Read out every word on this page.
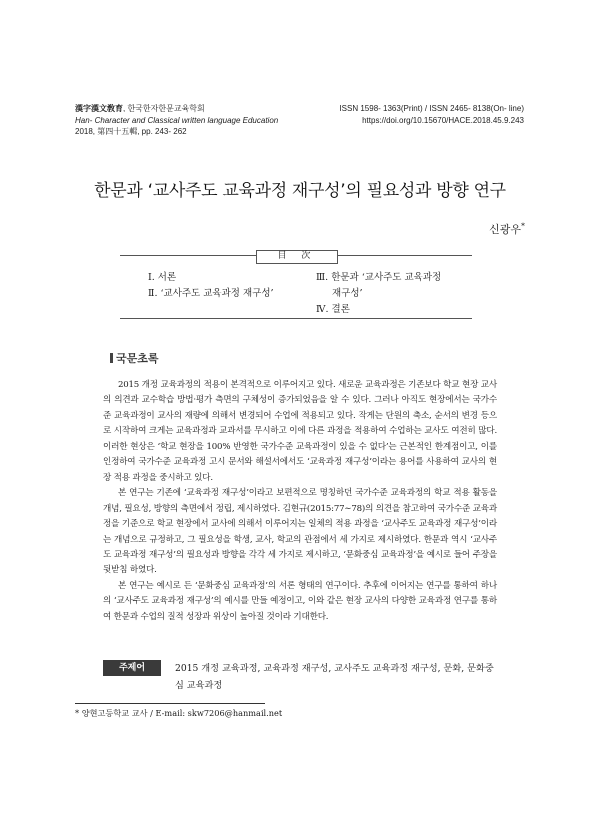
漢字漢文敎育, 한국한자한문교육학회
Han- Character and Classical written language Education
2018, 第四十五輯, pp. 243- 262
ISSN 1598- 1363(Print) / ISSN 2465- 8138(On- line)
https://doi.org/10.15670/HACE.2018.45.9.243
한문과 ‘교사주도 교육과정 재구성’의 필요성과 방향 연구
신광우*
目 次
Ⅰ. 서론
Ⅱ. ‘교사주도 교육과정 재구성’
Ⅲ. 한문과 ‘교사주도 교육과정
재구성’
Ⅳ. 결론
국문초록

2015 개정 교육과정의 적용이 본격적으로 이루어지고 있다. 새로운 교육과정은 기존보다 학교 현장 교사의 의견과 교수학습 방법·평가 측면의 구체성이 증가되었음을 알 수 있다. 그러나 아직도 현장에서는 국가수준 교육과정이 교사의 재량에 의해서 변경되어 수업에 적용되고 있다. 작게는 단원의 축소, 순서의 변경 등으로 시작하여 크게는 교육과정과 교과서를 무시하고 이에 다른 과정을 적용하여 수업하는 교사도 여전히 많다. 이러한 현상은 ‘학교 현장을 100% 반영한 국가수준 교육과정이 있을 수 없다’는 근본적인 한계점이고, 이를 인정하여 국가수준 교육과정 고시 문서와 해설서에서도 ‘교육과정 재구성’이라는 용어를 사용하여 교사의 현장 적용 과정을 중시하고 있다.

본 연구는 기존에 ‘교육과정 재구성’이라고 보편적으로 명칭하던 국가수준 교육과정의 학교 적용 활동을 개념, 필요성, 방향의 측면에서 정립, 제시하였다. 김현규(2015:77∼78)의 의견을 참고하여 국가수준 교육과정을 기준으로 학교 현장에서 교사에 의해서 이루어지는 일체의 적용 과정을 ‘교사주도 교육과정 재구성’이라는 개념으로 규정하고, 그 필요성을 학생, 교사, 학교의 관점에서 세 가지로 제시하였다. 한문과 역시 ‘교사주도 교육과정 재구성’의 필요성과 방향을 각각 세 가지로 제시하고, ‘문화중심 교육과정’을 예시로 들어 주장을 뒷받침 하였다.

본 연구는 예시로 든 ‘문화중심 교육과정’의 서론 형태의 연구이다. 추후에 이어지는 연구를 통하여 하나의 ‘교사주도 교육과정 재구성’의 예시를 만들 예정이고, 이와 같은 현장 교사의 다양한 교육과정 연구를 통하여 한문과 수업의 질적 성장과 위상이 높아질 것이라 기대한다.

주제어	2015 개정 교육과정, 교육과정 재구성, 교사주도 교육과정 재구성, 문화, 문화중심 교육과정
* 양현고등학교 교사 / E-mail: skw7206@hanmail.net
